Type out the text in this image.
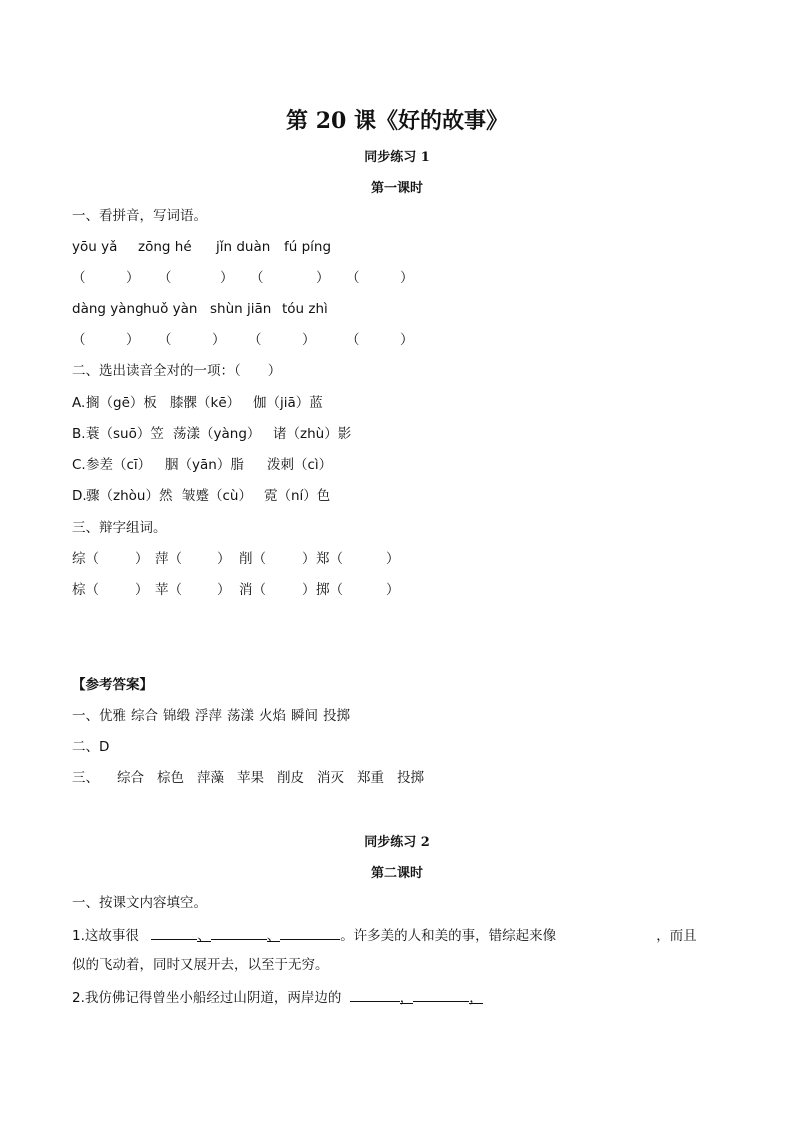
第 20 课《好的故事》
同步练习 1
第一课时
一、看拼音，写词语。
yōu yǎ zōng hé jǐn duàn fú píng
（	） （	） （	） （	）
dàng yàng huǒ yàn shùn jiān tóu zhì
（	） （	） （	） （	）
二、选出读音全对的一项：（　　）
A. 搁（gē）板 膝髁（kē） 伽（jiā）蓝
B. 蓑（suō）笠 荡漾（yàng） 诸（zhù）影
C. 参差（cī） 胭（yān）脂 泼刺（cì）
D. 骤（zhòu）然 皱蹙（cù） 霓（ní）色
三、辩字组词。
综（	） 萍（	） 削（	） 郑（	）
棕（	） 苹（	） 消（	） 掷（	）
【参考答案】
一、优雅 综合 锦缎 浮萍 荡漾 火焰 瞬间 投掷
二、D
三、 综合 棕色 萍藻 苹果 削皮 消灭 郑重 投掷
同步练习 2
第二课时
一、按课文内容填空。
1.这故事很	、	、	。许多美的人和美的事，错综起来像	，而且
似的飞动着，同时又展开去，以至于无穷。
2.我仿佛记得曾坐小船经过山阴道，两岸边的	，	，
